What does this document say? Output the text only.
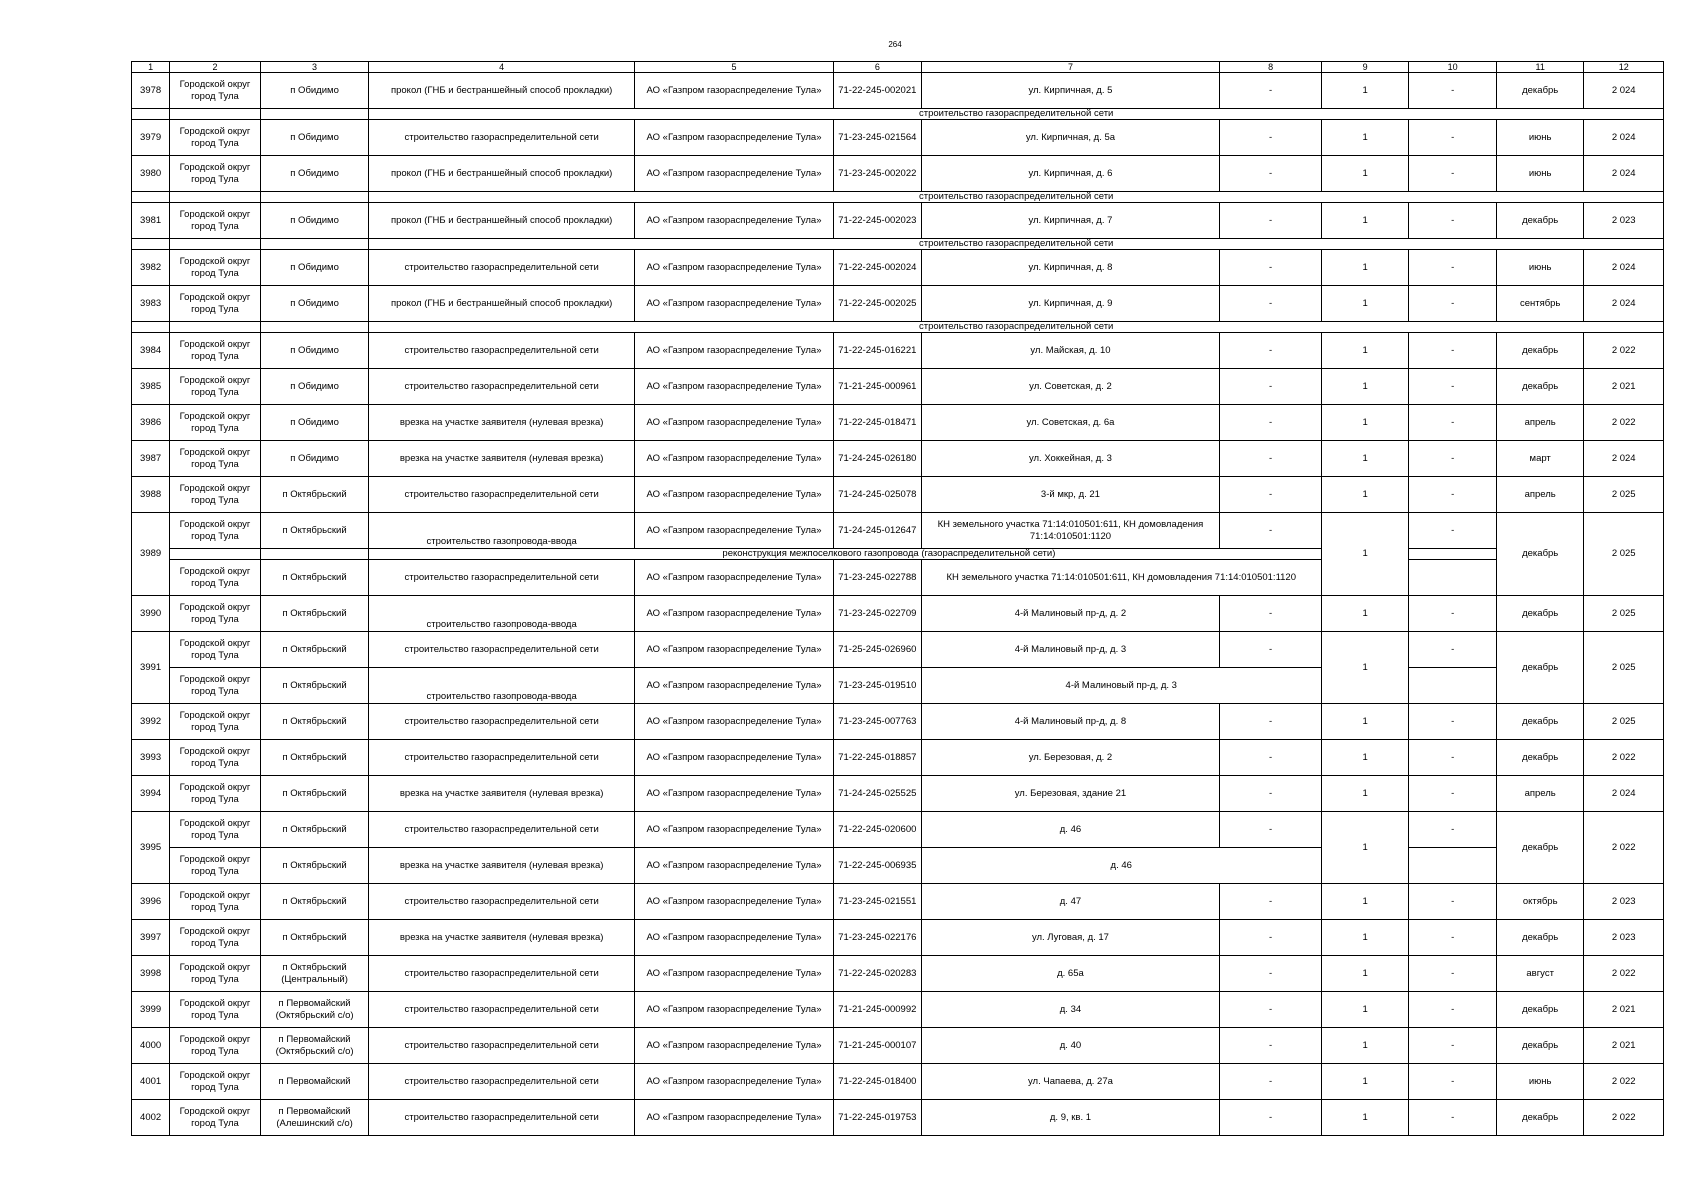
264
1	2	3	4	5	6	7	8	9	10	11	12
3978	Городской округ город Тула	п Обидимо	прокол (ГНБ и бестраншейный способ прокладки)	АО «Газпром газораспределение Тула»	71-22-245-002021	ул. Кирпичная, д. 5	-	1	-	декабрь	2 024
			строительство газораспределительной сети								
3979	Городской округ город Тула	п Обидимо	строительство газораспределительной сети	АО «Газпром газораспределение Тула»	71-23-245-021564	ул. Кирпичная, д. 5а	-	1	-	июнь	2 024
3980	Городской округ город Тула	п Обидимо	прокол (ГНБ и бестраншейный способ прокладки)	АО «Газпром газораспределение Тула»	71-23-245-002022	ул. Кирпичная, д. 6	-	1	-	июнь	2 024
			строительство газораспределительной сети								
3981	Городской округ город Тула	п Обидимо	прокол (ГНБ и бестраншейный способ прокладки)	АО «Газпром газораспределение Тула»	71-22-245-002023	ул. Кирпичная, д. 7	-	1	-	декабрь	2 023
			строительство газораспределительной сети								
3982	Городской округ город Тула	п Обидимо	строительство газораспределительной сети	АО «Газпром газораспределение Тула»	71-22-245-002024	ул. Кирпичная, д. 8	-	1	-	июнь	2 024
3983	Городской округ город Тула	п Обидимо	прокол (ГНБ и бестраншейный способ прокладки)	АО «Газпром газораспределение Тула»	71-22-245-002025	ул. Кирпичная, д. 9	-	1	-	сентябрь	2 024
			строительство газораспределительной сети								
3984	Городской округ город Тула	п Обидимо	строительство газораспределительной сети	АО «Газпром газораспределение Тула»	71-22-245-016221	ул. Майская, д. 10	-	1	-	декабрь	2 022
3985	Городской округ город Тула	п Обидимо	строительство газораспределительной сети	АО «Газпром газораспределение Тула»	71-21-245-000961	ул. Советская, д. 2	-	1	-	декабрь	2 021
3986	Городской округ город Тула	п Обидимо	врезка на участке заявителя (нулевая врезка)	АО «Газпром газораспределение Тула»	71-22-245-018471	ул. Советская, д. 6а	-	1	-	апрель	2 022
3987	Городской округ город Тула	п Обидимо	врезка на участке заявителя (нулевая врезка)	АО «Газпром газораспределение Тула»	71-24-245-026180	ул. Хоккейная, д. 3	-	1	-	март	2 024
3988	Городской округ город Тула	п Октябрьский	строительство газораспределительной сети	АО «Газпром газораспределение Тула»	71-24-245-025078	3-й мкр, д. 21	-	1	-	апрель	2 025
3989	Городской округ город Тула	п Октябрьский	строительство газопровода-ввода	АО «Газпром газораспределение Тула»	71-24-245-012647	КН земельного участка 71:14:010501:611, КН домовладения 71:14:010501:1120	-	1	-	декабрь	2 025
			реконструкция межпоселкового газопровода (газораспределительной сети)								
	Городской округ город Тула	п Октябрьский	строительство газораспределительной сети	АО «Газпром газораспределение Тула»	71-23-245-022788	КН земельного участка 71:14:010501:611, КН домовладения 71:14:010501:1120					
3990	Городской округ город Тула	п Октябрьский	строительство газопровода-ввода	АО «Газпром газораспределение Тула»	71-23-245-022709	4-й Малиновый пр-д, д. 2	-	1	-	декабрь	2 025
3991	Городской округ город Тула	п Октябрьский	строительство газораспределительной сети	АО «Газпром газораспределение Тула»	71-25-245-026960	4-й Малиновый пр-д, д. 3	-	1	-	декабрь	2 025
	Городской округ город Тула	п Октябрьский	строительство газопровода-ввода	АО «Газпром газораспределение Тула»	71-23-245-019510	4-й Малиновый пр-д, д. 3					
3992	Городской округ город Тула	п Октябрьский	строительство газораспределительной сети	АО «Газпром газораспределение Тула»	71-23-245-007763	4-й Малиновый пр-д, д. 8	-	1	-	декабрь	2 025
3993	Городской округ город Тула	п Октябрьский	строительство газораспределительной сети	АО «Газпром газораспределение Тула»	71-22-245-018857	ул. Березовая, д. 2	-	1	-	декабрь	2 022
3994	Городской округ город Тула	п Октябрьский	врезка на участке заявителя (нулевая врезка)	АО «Газпром газораспределение Тула»	71-24-245-025525	ул. Березовая, здание 21	-	1	-	апрель	2 024
3995	Городской округ город Тула	п Октябрьский	строительство газораспределительной сети	АО «Газпром газораспределение Тула»	71-22-245-020600	д. 46	-	1	-	декабрь	2 022
	Городской округ город Тула	п Октябрьский	врезка на участке заявителя (нулевая врезка)	АО «Газпром газораспределение Тула»	71-22-245-006935	д. 46					
3996	Городской округ город Тула	п Октябрьский	строительство газораспределительной сети	АО «Газпром газораспределение Тула»	71-23-245-021551	д. 47	-	1	-	октябрь	2 023
3997	Городской округ город Тула	п Октябрьский	врезка на участке заявителя (нулевая врезка)	АО «Газпром газораспределение Тула»	71-23-245-022176	ул. Луговая, д. 17	-	1	-	декабрь	2 023
3998	Городской округ город Тула	п Октябрьский (Центральный)	строительство газораспределительной сети	АО «Газпром газораспределение Тула»	71-22-245-020283	д. 65а	-	1	-	август	2 022
3999	Городской округ город Тула	п Первомайский (Октябрьский с/о)	строительство газораспределительной сети	АО «Газпром газораспределение Тула»	71-21-245-000992	д. 34	-	1	-	декабрь	2 021
4000	Городской округ город Тула	п Первомайский (Октябрьский с/о)	строительство газораспределительной сети	АО «Газпром газораспределение Тула»	71-21-245-000107	д. 40	-	1	-	декабрь	2 021
4001	Городской округ город Тула	п Первомайский	строительство газораспределительной сети	АО «Газпром газораспределение Тула»	71-22-245-018400	ул. Чапаева, д. 27а	-	1	-	июнь	2 022
4002	Городской округ город Тула	п Первомайский (Алешинский с/о)	строительство газораспределительной сети	АО «Газпром газораспределение Тула»	71-22-245-019753	д. 9, кв. 1	-	1	-	декабрь	2 022
